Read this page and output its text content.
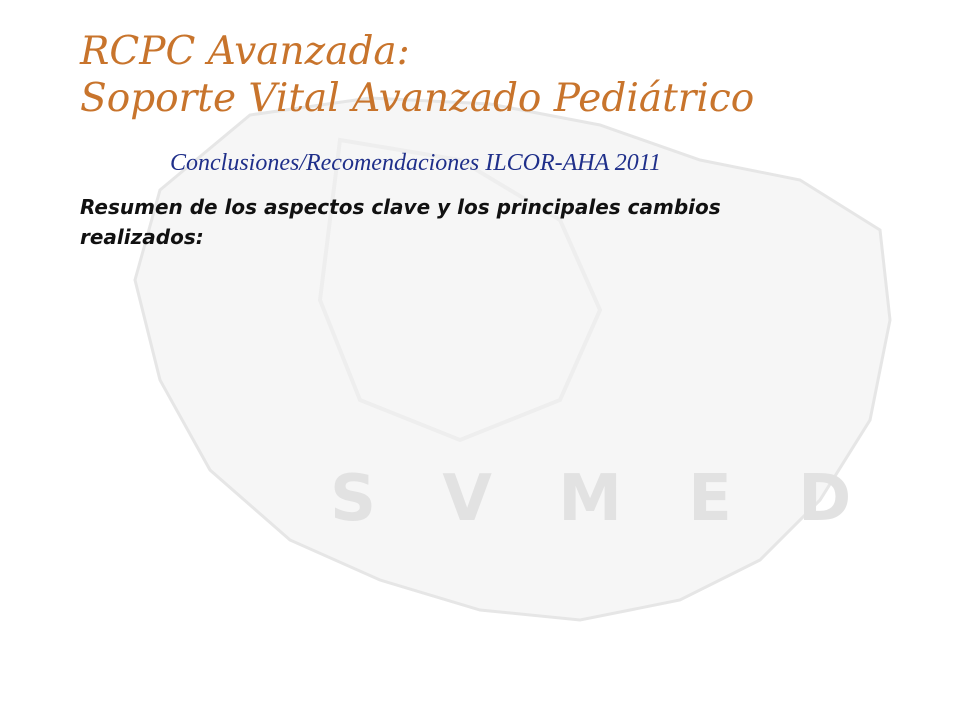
S V M E D
RCPC Avanzada:
Soporte Vital Avanzado Pediátrico
Conclusiones/Recomendaciones ILCOR-AHA 2011
Resumen de los aspectos clave y los principales cambios realizados:
